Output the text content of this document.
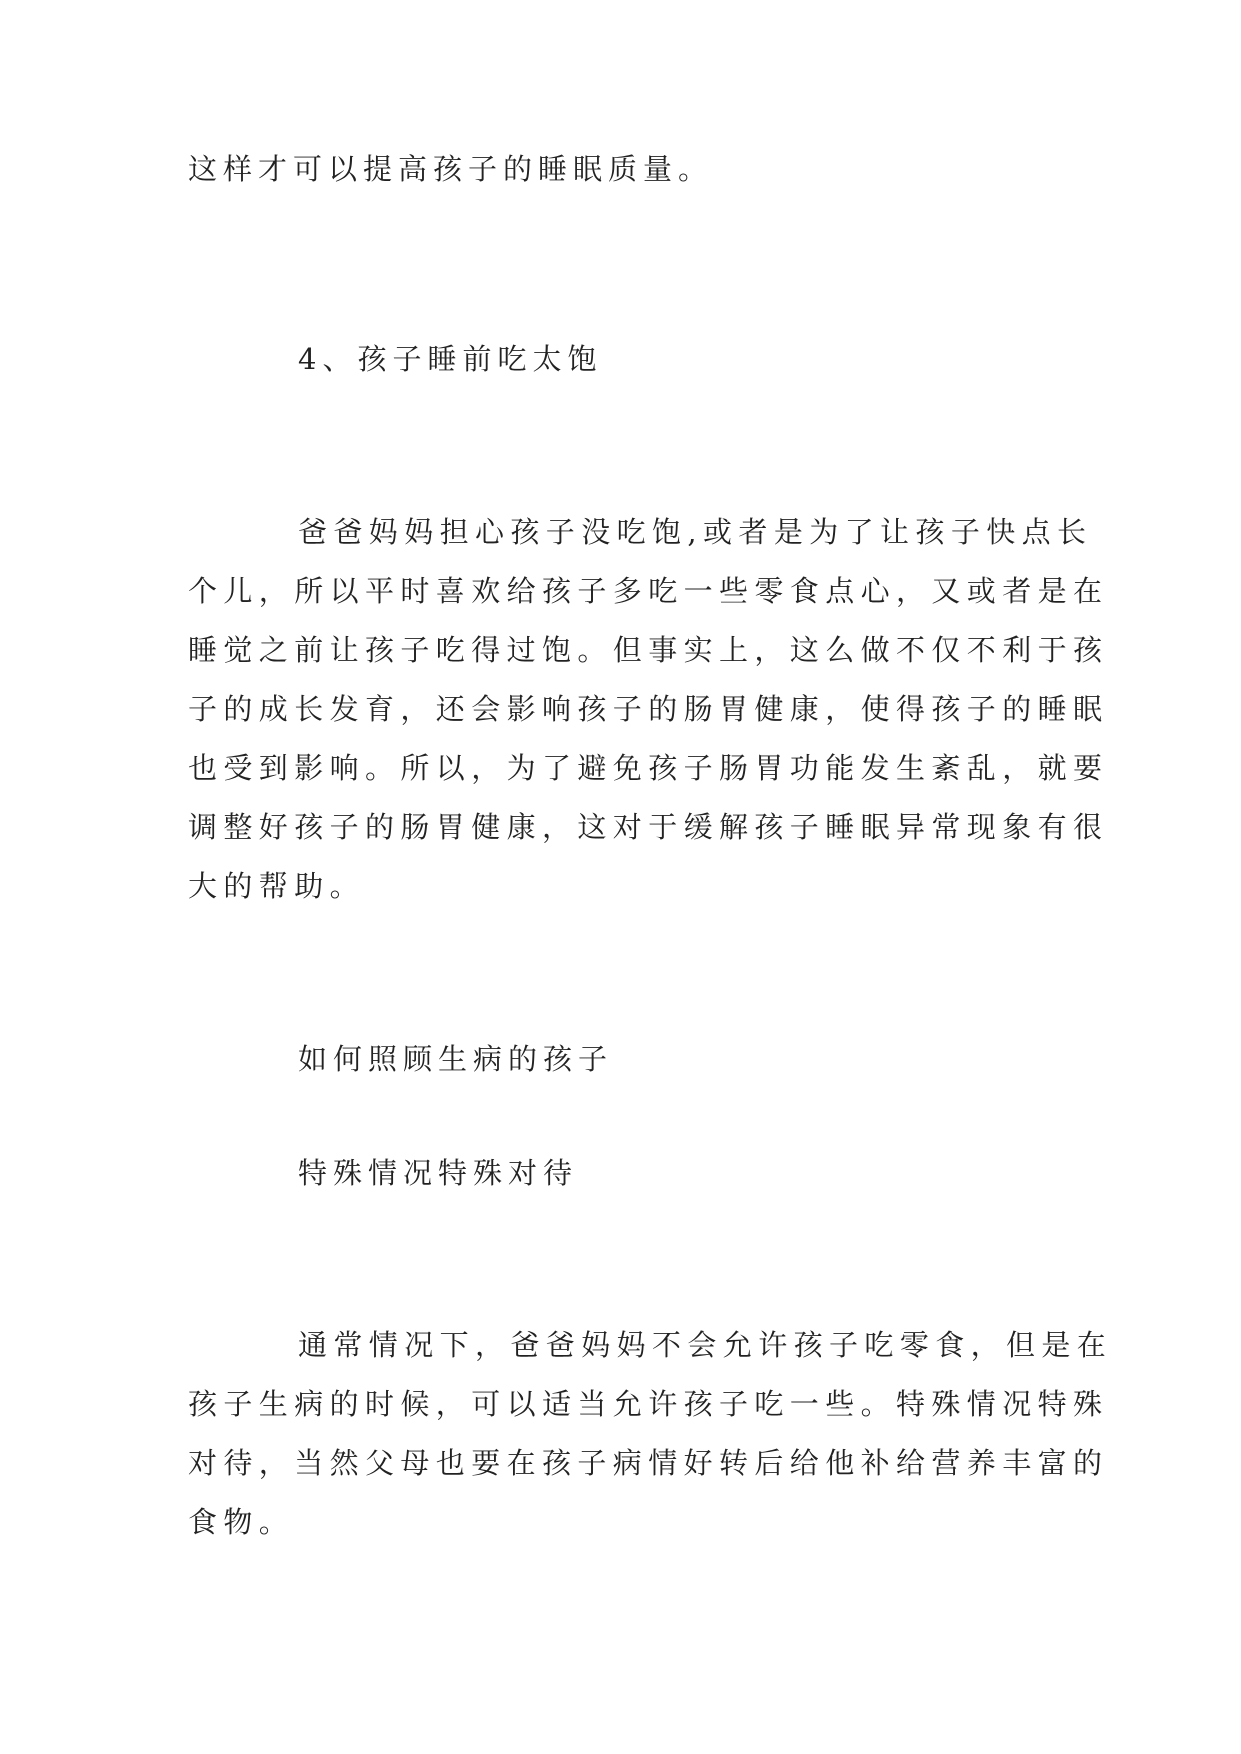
这样才可以提高孩子的睡眠质量。
4、孩子睡前吃太饱
爸爸妈妈担心孩子没吃饱,或者是为了让孩子快点长
个儿，所以平时喜欢给孩子多吃一些零食点心，又或者是在
睡觉之前让孩子吃得过饱。但事实上，这么做不仅不利于孩
子的成长发育，还会影响孩子的肠胃健康，使得孩子的睡眠
也受到影响。所以，为了避免孩子肠胃功能发生紊乱，就要
调整好孩子的肠胃健康，这对于缓解孩子睡眠异常现象有很
大的帮助。
如何照顾生病的孩子
特殊情况特殊对待
通常情况下，爸爸妈妈不会允许孩子吃零食，但是在
孩子生病的时候，可以适当允许孩子吃一些。特殊情况特殊
对待，当然父母也要在孩子病情好转后给他补给营养丰富的
食物。
